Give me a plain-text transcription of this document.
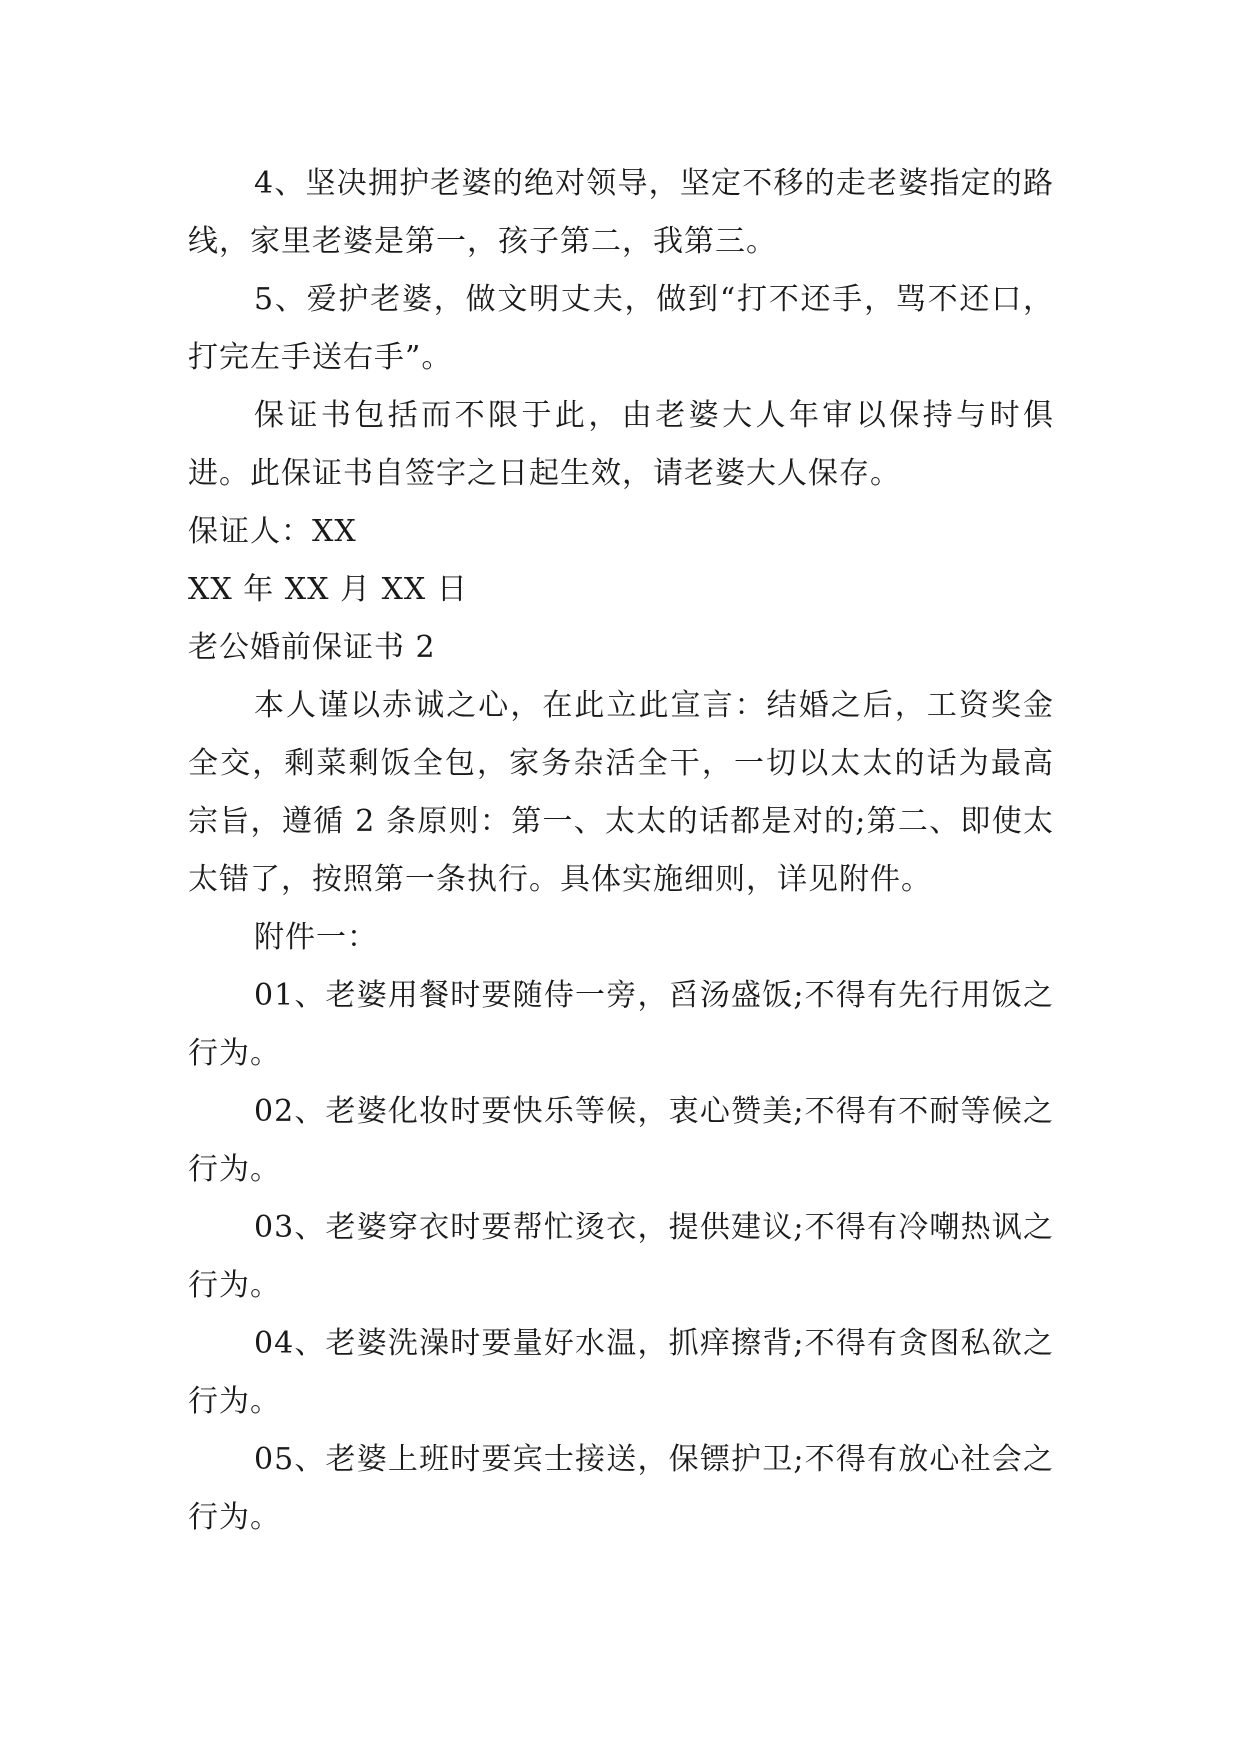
4、坚决拥护老婆的绝对领导，坚定不移的走老婆指定的路线，家里老婆是第一，孩子第二，我第三。

5、爱护老婆，做文明丈夫，做到“打不还手，骂不还口，打完左手送右手”。

保证书包括而不限于此，由老婆大人年审以保持与时俱进。此保证书自签字之日起生效，请老婆大人保存。

保证人：XX

XX 年 XX 月 XX 日

老公婚前保证书 2

本人谨以赤诚之心，在此立此宣言：结婚之后，工资奖金全交，剩菜剩饭全包，家务杂活全干，一切以太太的话为最高宗旨，遵循 2 条原则：第一、太太的话都是对的;第二、即使太太错了，按照第一条执行。具体实施细则，详见附件。

附件一：

01、老婆用餐时要随侍一旁，舀汤盛饭;不得有先行用饭之行为。

02、老婆化妆时要快乐等候，衷心赞美;不得有不耐等候之行为。

03、老婆穿衣时要帮忙烫衣，提供建议;不得有冷嘲热讽之行为。

04、老婆洗澡时要量好水温，抓痒擦背;不得有贪图私欲之行为。

05、老婆上班时要宾士接送，保镖护卫;不得有放心社会之行为。
